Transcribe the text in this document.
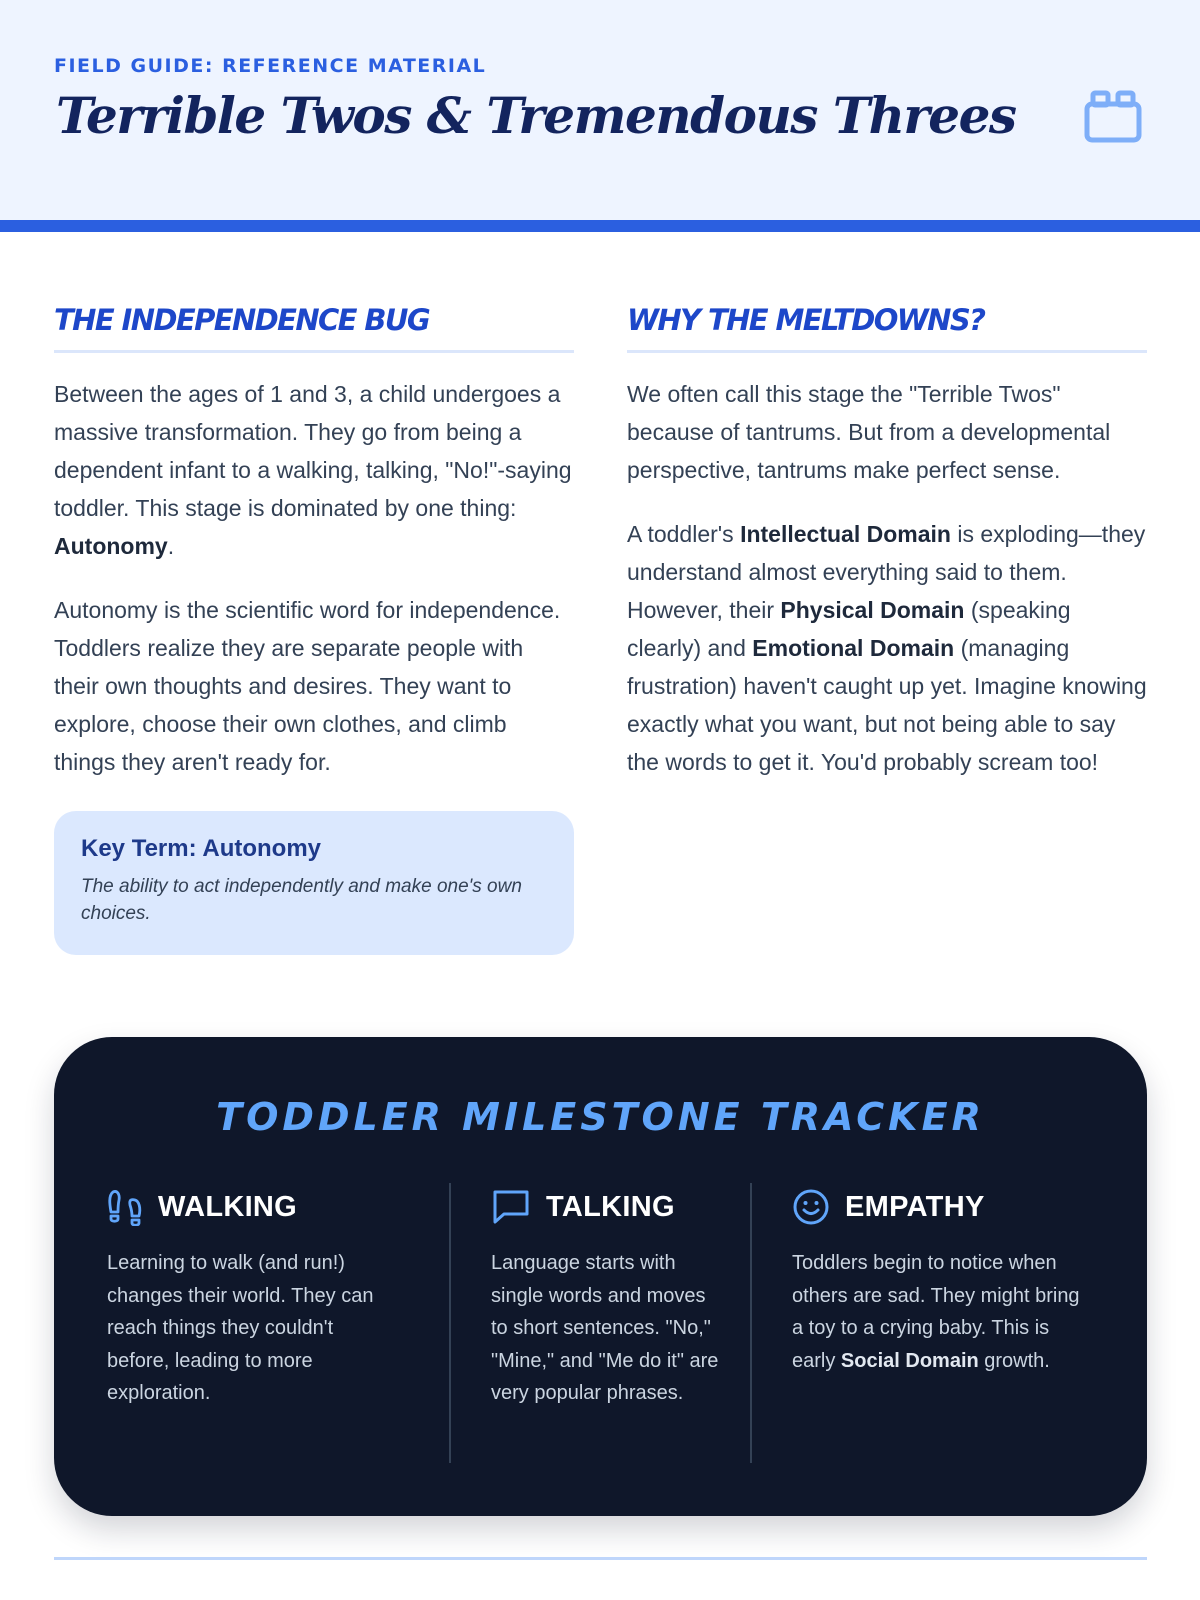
FIELD GUIDE: REFERENCE MATERIAL
Terrible Twos & Tremendous Threes
THE INDEPENDENCE BUG

Between the ages of 1 and 3, a child undergoes a massive transformation. They go from being a dependent infant to a walking, talking, "No!"-saying toddler. This stage is dominated by one thing: Autonomy.

Autonomy is the scientific word for independence. Toddlers realize they are separate people with their own thoughts and desires. They want to explore, choose their own clothes, and climb things they aren't ready for.

Key Term: Autonomy
The ability to act independently and make one's own choices.
WHY THE MELTDOWNS?

We often call this stage the "Terrible Twos" because of tantrums. But from a developmental perspective, tantrums make perfect sense.

A toddler's Intellectual Domain is exploding—they understand almost everything said to them. However, their Physical Domain (speaking clearly) and Emotional Domain (managing frustration) haven't caught up yet. Imagine knowing exactly what you want, but not being able to say the words to get it. You'd probably scream too!

TODDLER MILESTONE TRACKER
WALKING

Learning to walk (and run!) changes their world. They can reach things they couldn't before, leading to more exploration.

TALKING

Language starts with single words and moves to short sentences. "No," "Mine," and "Me do it" are very popular phrases.

EMPATHY

Toddlers begin to notice when others are sad. They might bring a toy to a crying baby. This is early Social Domain growth.
